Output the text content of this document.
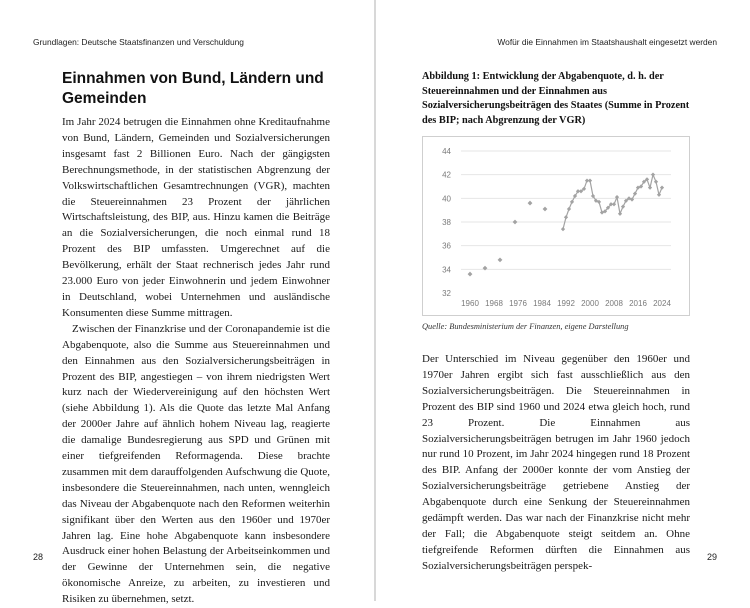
Grundlagen: Deutsche Staatsfinanzen und Verschuldung
Einnahmen von Bund, Ländern und Gemeinden

Im Jahr 2024 betrugen die Einnahmen ohne Kreditaufnahme von Bund, Ländern, Gemeinden und Sozialversicherungen insgesamt fast 2 Billionen Euro. Nach der gängigsten Berechnungsmethode, in der statistischen Abgrenzung der Volkswirtschaftlichen Gesamtrechnungen (VGR), machten die Steuereinnahmen 23 Prozent der jährlichen Wirtschaftsleistung, des BIP, aus. Hinzu kamen die Beiträge an die Sozialversicherungen, die noch einmal rund 18 Prozent des BIP umfassten. Umgerechnet auf die Bevölkerung, erhält der Staat rechnerisch jedes Jahr rund 23.000 Euro von jeder Einwohnerin und jedem Einwohner in Deutschland, wobei Unternehmen und ausländische Konsumenten diese Summe mittragen.

Zwischen der Finanzkrise und der Coronapandemie ist die Abgabenquote, also die Summe aus Steuereinnahmen und den Einnahmen aus den Sozialversicherungsbeiträgen in Prozent des BIP, angestiegen – von ihrem niedrigsten Wert kurz nach der Wiedervereinigung auf den höchsten Wert (siehe Abbildung 1). Als die Quote das letzte Mal Anfang der 2000er Jahre auf ähnlich hohem Niveau lag, reagierte die damalige Bundesregierung aus SPD und Grünen mit einer tiefgreifenden Reformagenda. Diese brachte zusammen mit dem darauffolgenden Aufschwung die Quote, insbesondere die Steuereinnahmen, nach unten, wenngleich das Niveau der Abgabenquote nach den Reformen weiterhin signifikant über den Werten aus den 1960er und 1970er Jahren lag. Eine hohe Abgabenquote kann insbesondere Ausdruck einer hohen Belastung der Arbeitseinkommen und der Gewinne der Unternehmen sein, die negative ökonomische Anreize, zu arbeiten, zu investieren und Risiken zu übernehmen, setzt.

28
Wofür die Einnahmen im Staatshaushalt eingesetzt werden
Abbildung 1: Entwicklung der Abgabenquote, d. h. der Steuereinnahmen und der Einnahmen aus Sozialversicherungsbeiträgen des Staates (Summe in Prozent des BIP; nach Abgrenzung der VGR)
32
34
36
38
40
42
44
1960 1968 1976 1984 1992 2000 2008 2016 2024
Quelle: Bundesministerium der Finanzen, eigene Darstellung

Der Unterschied im Niveau gegenüber den 1960er und 1970er Jahren ergibt sich fast ausschließlich aus den Sozialversicherungsbeiträgen. Die Steuereinnahmen in Prozent des BIP sind 1960 und 2024 etwa gleich hoch, rund 23 Prozent. Die Einnahmen aus Sozialversicherungsbeiträgen betrugen im Jahr 1960 jedoch nur rund 10 Prozent, im Jahr 2024 hingegen rund 18 Prozent des BIP. Anfang der 2000er konnte der vom Anstieg der Sozialversicherungsbeiträge getriebene Anstieg der Abgabenquote durch eine Senkung der Steuereinnahmen gedämpft werden. Das war nach der Finanzkrise nicht mehr der Fall; die Abgabenquote steigt seitdem an. Ohne tiefgreifende Reformen dürften die Einnahmen aus Sozialversicherungsbeiträgen perspek-

29
